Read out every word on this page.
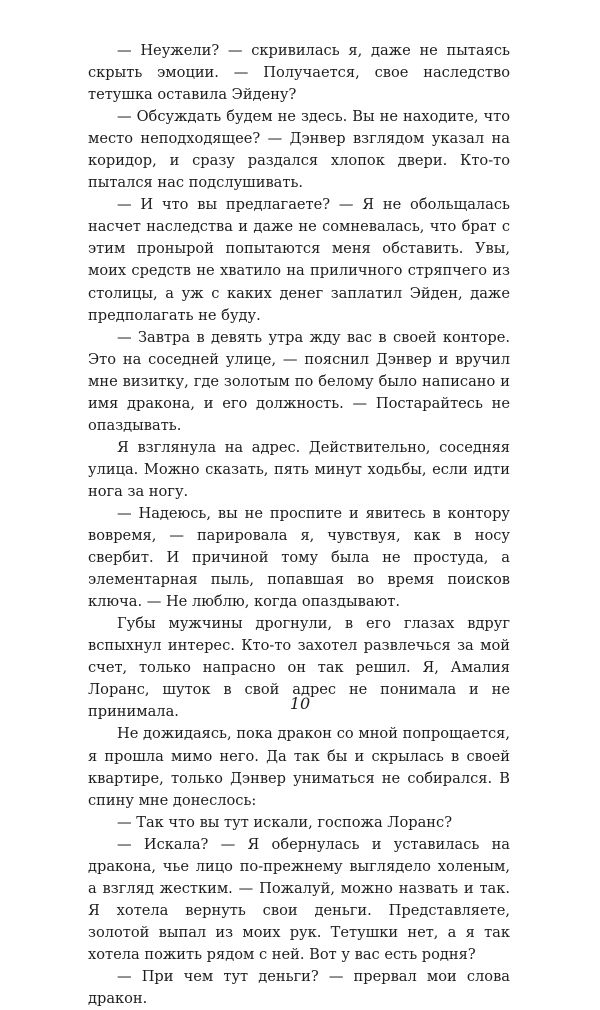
— Неужели? — скривилась я, даже не пытаясь скрыть эмоции. — Получается, свое наследство тетушка оставила Эйдену?

— Обсуждать будем не здесь. Вы не находите, что место неподходящее? — Дэнвер взглядом указал на коридор, и сразу раздался хлопок двери. Кто-то пытался нас подслушивать.

— И что вы предлагаете? — Я не обольщалась насчет наследства и даже не сомневалась, что брат с этим пронырой попытаются меня обставить. Увы, моих средств не хватило на приличного стряпчего из столицы, а уж с каких денег заплатил Эйден, даже предполагать не буду.

— Завтра в девять утра жду вас в своей конторе. Это на соседней улице, — пояснил Дэнвер и вручил мне визитку, где золотым по белому было написано и имя дракона, и его должность. — Постарайтесь не опаздывать.

Я взглянула на адрес. Действительно, соседняя улица. Можно сказать, пять минут ходьбы, если идти нога за ногу.

— Надеюсь, вы не проспите и явитесь в контору вовремя, — парировала я, чувствуя, как в носу свербит. И причиной тому была не простуда, а элементарная пыль, попавшая во время поисков ключа. — Не люблю, когда опаздывают.

Губы мужчины дрогнули, в его глазах вдруг вспыхнул интерес. Кто-то захотел развлечься за мой счет, только напрасно он так решил. Я, Амалия Лоранс, шуток в свой адрес не понимала и не принимала.

Не дожидаясь, пока дракон со мной попрощается, я прошла мимо него. Да так бы и скрылась в своей квартире, только Дэнвер униматься не собирался. В спину мне донеслось:

— Так что вы тут искали, госпожа Лоранс?

— Искала? — Я обернулась и уставилась на дракона, чье лицо по-прежнему выглядело холеным, а взгляд жестким. — Пожалуй, можно назвать и так. Я хотела вернуть свои деньги. Представляете, золотой выпал из моих рук. Тетушки нет, а я так хотела пожить рядом с ней. Вот у вас есть родня?

— При чем тут деньги? — прервал мои слова дракон.

10
